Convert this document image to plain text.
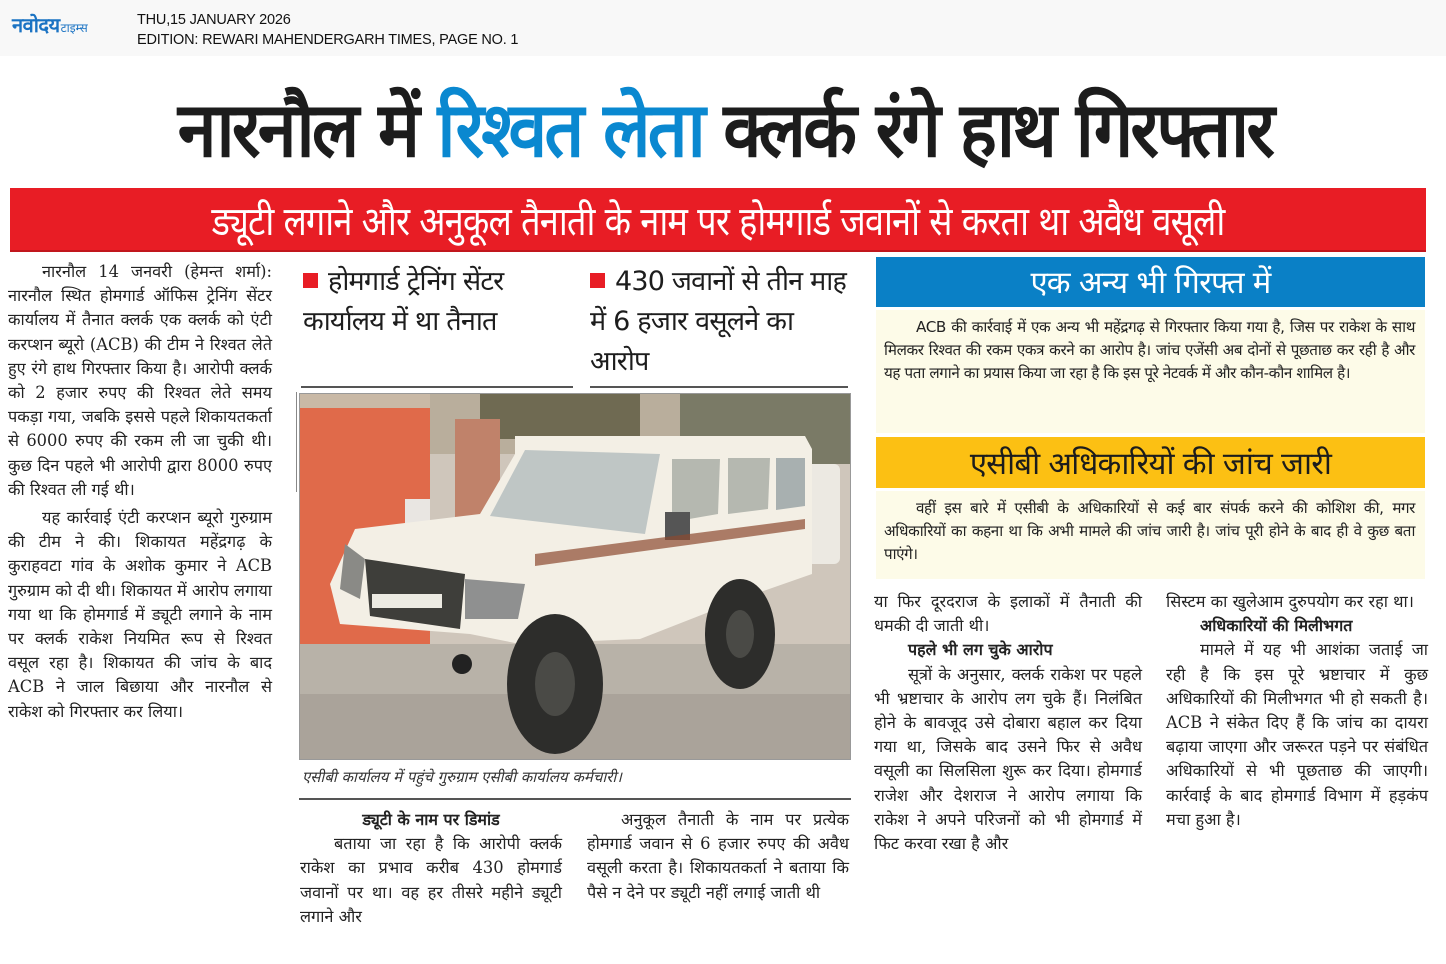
नवोदय टाइम्स	THU,15 JANUARY 2026
EDITION: REWARI MAHENDERGARH TIMES, PAGE NO. 1
नारनौल में रिश्वत लेता क्लर्क रंगे हाथ गिरफ्तार
ड्यूटी लगाने और अनुकूल तैनाती के नाम पर होमगार्ड जवानों से करता था अवैध वसूली

नारनौल 14 जनवरी (हेमन्त शर्मा): नारनौल स्थित होमगार्ड ऑफिस ट्रेनिंग सेंटर कार्यालय में तैनात क्लर्क एक क्लर्क को एंटी करप्शन ब्यूरो (ACB) की टीम ने रिश्वत लेते हुए रंगे हाथ गिरफ्तार किया है। आरोपी क्लर्क को 2 हजार रुपए की रिश्वत लेते समय पकड़ा गया, जबकि इससे पहले शिकायतकर्ता से 6000 रुपए की रकम ली जा चुकी थी। कुछ दिन पहले भी आरोपी द्वारा 8000 रुपए की रिश्वत ली गई थी।

यह कार्रवाई एंटी करप्शन ब्यूरो गुरुग्राम की टीम ने की। शिकायत महेंद्रगढ़ के कुराहवटा गांव के अशोक कुमार ने ACB गुरुग्राम को दी थी। शिकायत में आरोप लगाया गया था कि होमगार्ड में ड्यूटी लगाने के नाम पर क्लर्क राकेश नियमित रूप से रिश्वत वसूल रहा है। शिकायत की जांच के बाद ACB ने जाल बिछाया और नारनौल से राकेश को गिरफ्तार कर लिया।

होमगार्ड ट्रेनिंग सेंटर कार्यालय में था तैनात
430 जवानों से तीन माह में 6 हजार वसूलने का आरोप
एसीबी कार्यालय में पहुंचे गुरुग्राम एसीबी कार्यालय कर्मचारी।
ड्यूटी के नाम पर डिमांड

बताया जा रहा है कि आरोपी क्लर्क राकेश का प्रभाव करीब 430 होमगार्ड जवानों पर था। वह हर तीसरे महीने ड्यूटी लगाने और

अनुकूल तैनाती के नाम पर प्रत्येक होमगार्ड जवान से 6 हजार रुपए की अवैध वसूली करता है। शिकायतकर्ता ने बताया कि पैसे न देने पर ड्यूटी नहीं लगाई जाती थी

एक अन्य भी गिरफ्त में

ACB की कार्रवाई में एक अन्य भी महेंद्रगढ़ से गिरफ्तार किया गया है, जिस पर राकेश के साथ मिलकर रिश्वत की रकम एकत्र करने का आरोप है। जांच एजेंसी अब दोनों से पूछताछ कर रही है और यह पता लगाने का प्रयास किया जा रहा है कि इस पूरे नेटवर्क में और कौन-कौन शामिल है।

एसीबी अधिकारियों की जांच जारी

वहीं इस बारे में एसीबी के अधिकारियों से कई बार संपर्क करने की कोशिश की, मगर अधिकारियों का कहना था कि अभी मामले की जांच जारी है। जांच पूरी होने के बाद ही वे कुछ बता पाएंगे।

या फिर दूरदराज के इलाकों में तैनाती की धमकी दी जाती थी।

पहले भी लग चुके आरोप

सूत्रों के अनुसार, क्लर्क राकेश पर पहले भी भ्रष्टाचार के आरोप लग चुके हैं। निलंबित होने के बावजूद उसे दोबारा बहाल कर दिया गया था, जिसके बाद उसने फिर से अवैध वसूली का सिलसिला शुरू कर दिया। होमगार्ड राजेश और देशराज ने आरोप लगाया कि राकेश ने अपने परिजनों को भी होमगार्ड में फिट करवा रखा है और

सिस्टम का खुलेआम दुरुपयोग कर रहा था।

अधिकारियों की मिलीभगत

मामले में यह भी आशंका जताई जा रही है कि इस पूरे भ्रष्टाचार में कुछ अधिकारियों की मिलीभगत भी हो सकती है। ACB ने संकेत दिए हैं कि जांच का दायरा बढ़ाया जाएगा और जरूरत पड़ने पर संबंधित अधिकारियों से भी पूछताछ की जाएगी। कार्रवाई के बाद होमगार्ड विभाग में हड़कंप मचा हुआ है।
